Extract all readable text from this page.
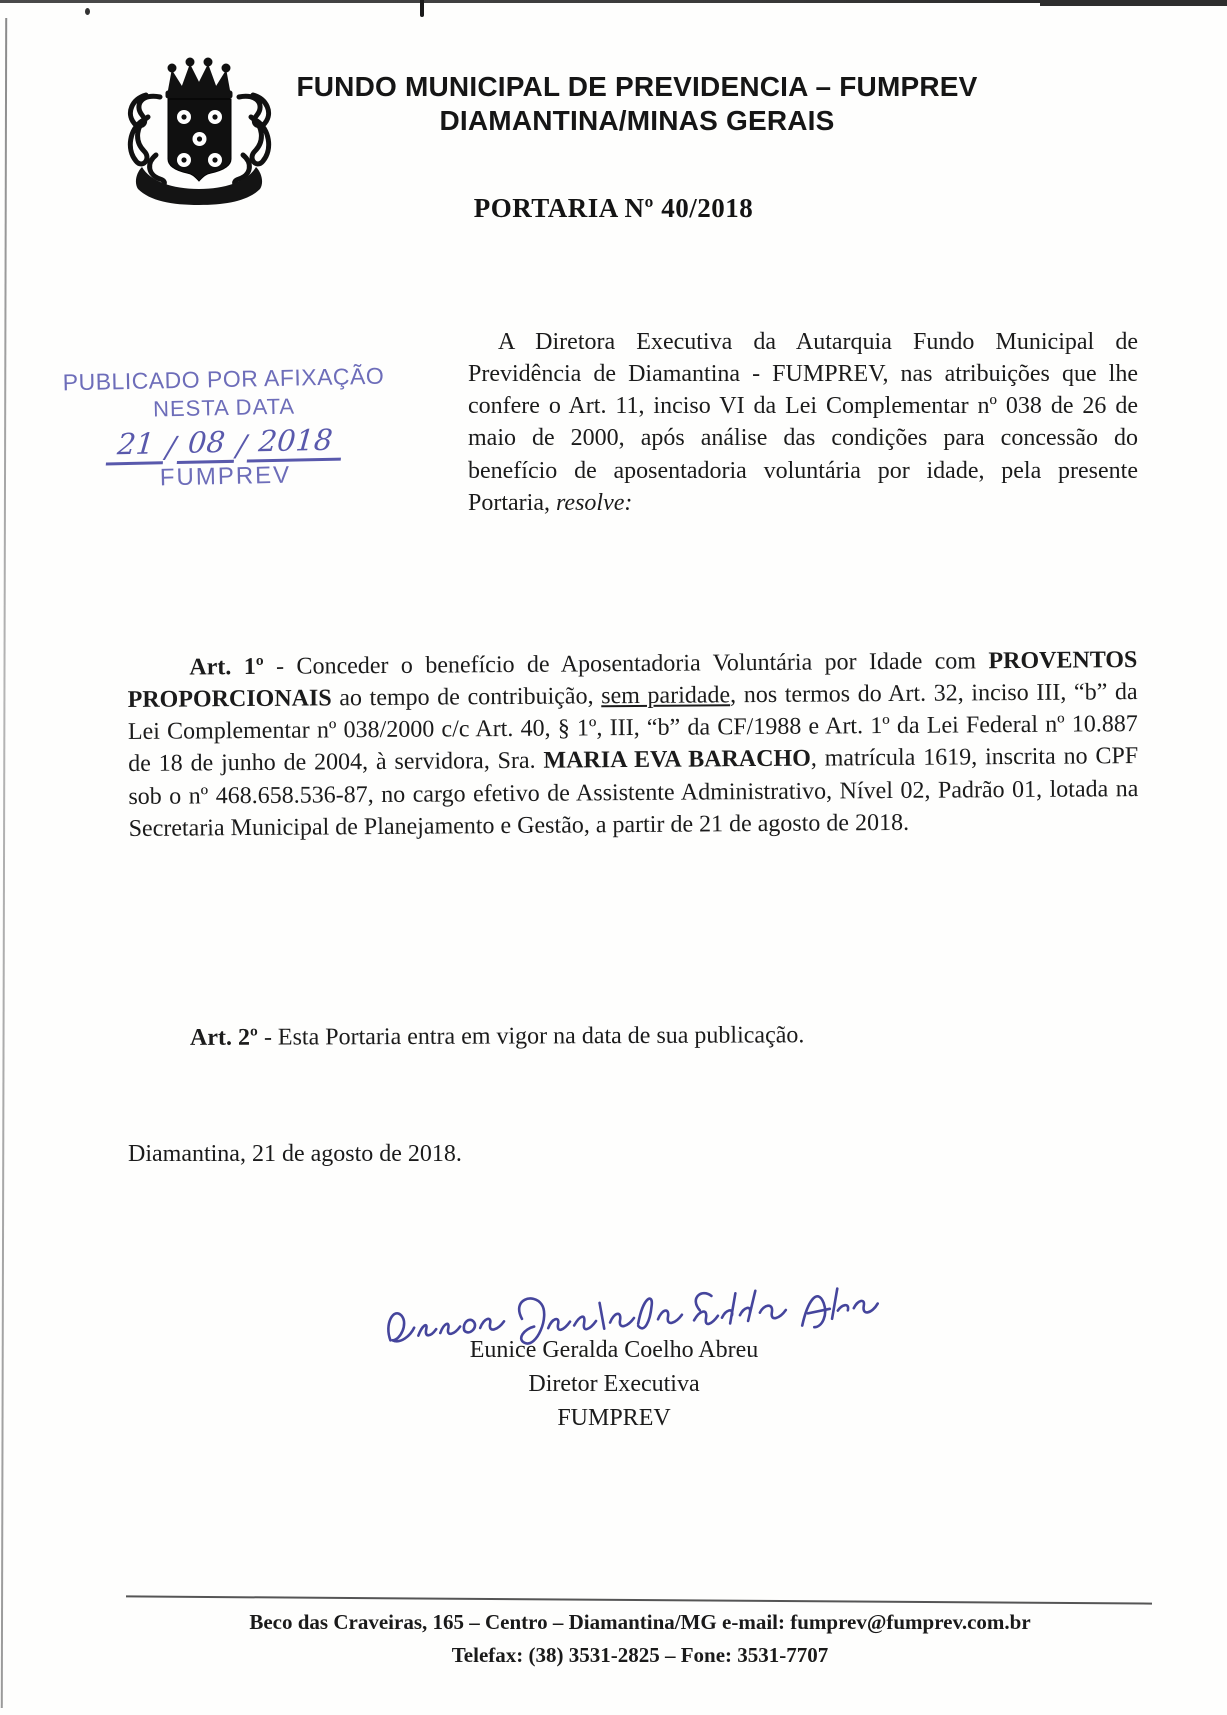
FUNDO MUNICIPAL DE PREVIDENCIA – FUMPREV
DIAMANTINA/MINAS GERAIS
PORTARIA Nº 40/2018
PUBLICADO POR AFIXAÇÃO
NESTA DATA
21 / 08 / 2018
FUMPREV
A Diretora Executiva da Autarquia Fundo Municipal de Previdência de Diamantina - FUMPREV, nas atribuições que lhe confere o Art. 11, inciso VI da Lei Complementar nº 038 de 26 de maio de 2000, após análise das condições para concessão do benefício de aposentadoria voluntária por idade, pela presente Portaria, resolve:
Art. 1º - Conceder o benefício de Aposentadoria Voluntária por Idade com PROVENTOS PROPORCIONAIS ao tempo de contribuição, sem paridade, nos termos do Art. 32, inciso III, “b” da Lei Complementar nº 038/2000 c/c Art. 40, § 1º, III, “b” da CF/1988 e Art. 1º da Lei Federal nº 10.887 de 18 de junho de 2004, à servidora, Sra. MARIA EVA BARACHO, matrícula 1619, inscrita no CPF sob o nº 468.658.536-87, no cargo efetivo de Assistente Administrativo, Nível 02, Padrão 01, lotada na Secretaria Municipal de Planejamento e Gestão, a partir de 21 de agosto de 2018.
Art. 2º - Esta Portaria entra em vigor na data de sua publicação.
Diamantina, 21 de agosto de 2018.
Eunice Geralda Coelho Abreu
Diretor Executiva
FUMPREV
Beco das Craveiras, 165 – Centro – Diamantina/MG e-mail: fumprev@fumprev.com.br
Telefax: (38) 3531-2825 – Fone: 3531-7707
